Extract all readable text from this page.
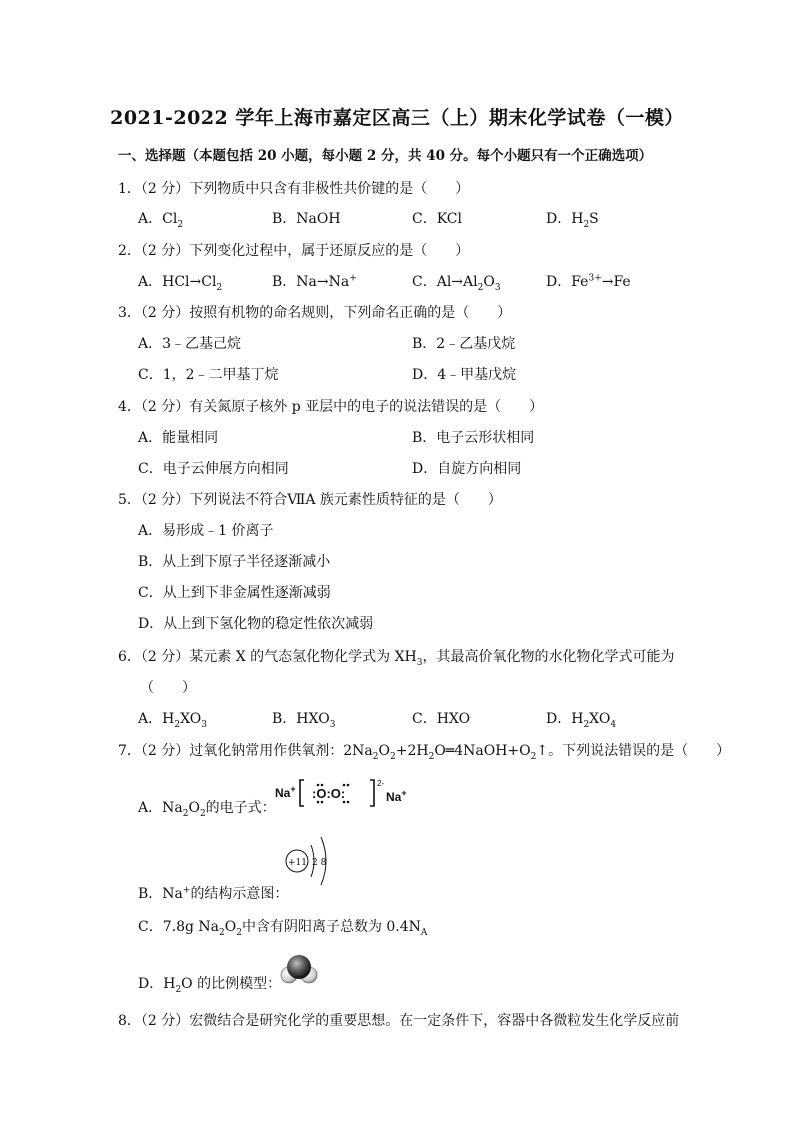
2021-2022 学年上海市嘉定区高三（上）期末化学试卷（一模）
一、选择题（本题包括 20 小题，每小题 2 分，共 40 分。每个小题只有一个正确选项）
1．（2 分）下列物质中只含有非极性共价键的是（　　）
A．$Cl_2$	B．NaOH	C．KCl	D．$H_2S$
2．（2 分）下列变化过程中，属于还原反应的是（　　）
A．$HCl\to Cl_2$	B．Na→Na+	C．$Al\to Al_2O_3$	D．$Fe^{3+}\to Fe$
3．（2 分）按照有机物的命名规则，下列命名正确的是（　　）
A．3﹣乙基己烷	B．2﹣乙基戊烷
C．1，2﹣二甲基丁烷	D．4﹣甲基戊烷
4．（2 分）有关氮原子核外 p 亚层中的电子的说法错误的是（　　）
A．能量相同	B．电子云形状相同
C．电子云伸展方向相同	D．自旋方向相同
5．（2 分）下列说法不符合ⅦA 族元素性质特征的是（　　）
A．易形成﹣1 价离子
B．从上到下原子半径逐渐减小
C．从上到下非金属性逐渐减弱
D．从上到下氢化物的稳定性依次减弱
6．（2 分）某元素 X 的气态氢化物化学式为 $XH_3$，其最高价氧化物的水化物化学式可能为
（　　）
A．$H_2XO_3$	B．$HXO_3$	C．HXO	D．$H_2XO_4$
7．（2 分）过氧化钠常用作供氧剂：$2Na_2O_2+2H_2O═4NaOH+O_2↑$。下列说法错误的是（　　）
A．$Na_2O_2$的电子式：
Na+ :O:O:
2-
Na+
B．Na+的结构示意图：
+11 2 8
C．7.8g $Na_2O_2$中含有阴阳离子总数为 $0.4N_A$
D．$H_2O$ 的比例模型：
8．（2 分）宏微结合是研究化学的重要思想。在一定条件下，容器中各微粒发生化学反应前
